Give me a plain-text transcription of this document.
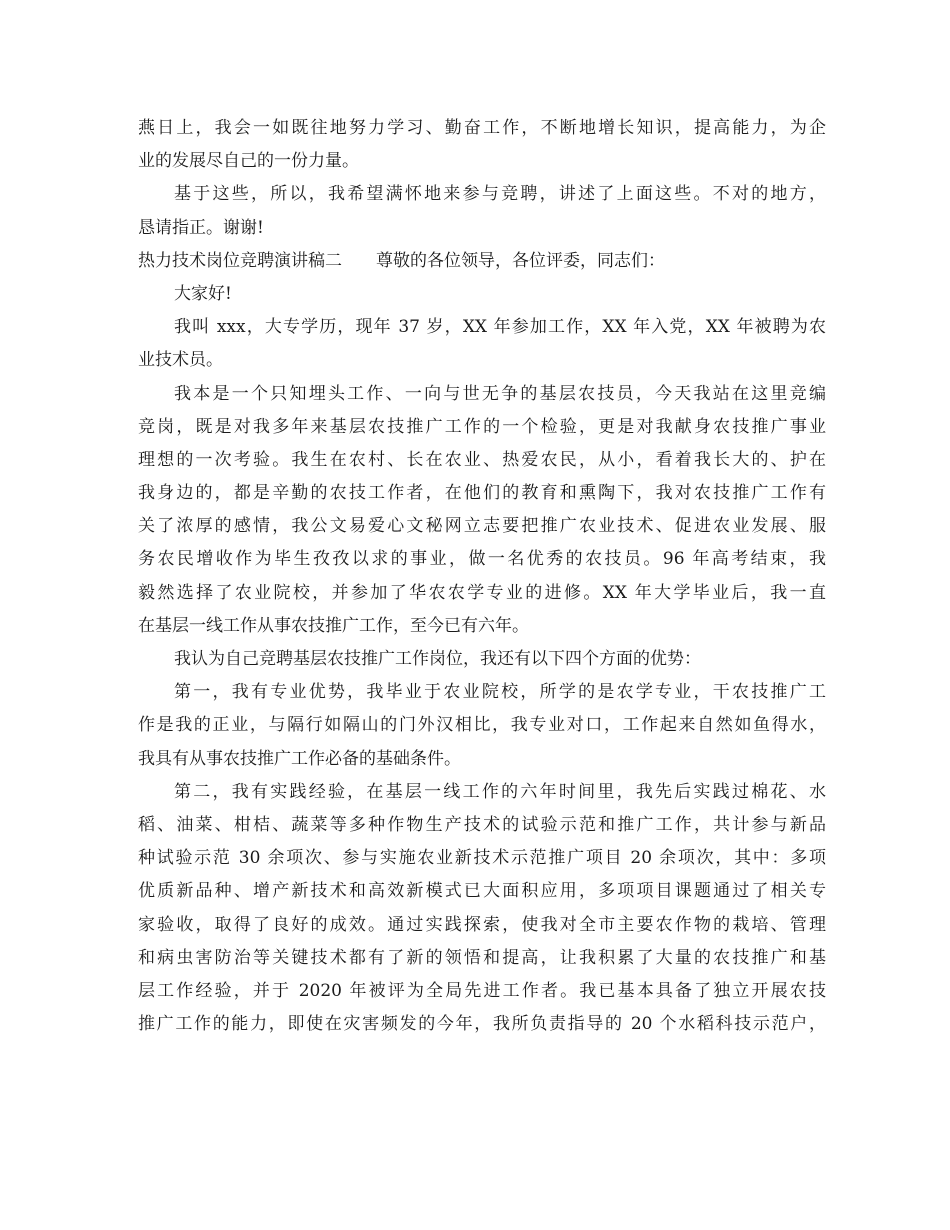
燕日上，我会一如既往地努力学习、勤奋工作，不断地增长知识，提高能力，为企
业的发展尽自己的一份力量。
基于这些，所以，我希望满怀地来参与竞聘，讲述了上面这些。不对的地方，
恳请指正。谢谢!
热力技术岗位竞聘演讲稿二 尊敬的各位领导，各位评委，同志们：
大家好!
我叫 xxx，大专学历，现年 37 岁，XX 年参加工作，XX 年入党，XX 年被聘为农
业技术员。
我本是一个只知埋头工作、一向与世无争的基层农技员，今天我站在这里竞编
竞岗，既是对我多年来基层农技推广工作的一个检验，更是对我献身农技推广事业
理想的一次考验。我生在农村、长在农业、热爱农民，从小，看着我长大的、护在
我身边的，都是辛勤的农技工作者，在他们的教育和熏陶下，我对农技推广工作有
关了浓厚的感情，我公文易爱心文秘网立志要把推广农业技术、促进农业发展、服
务农民增收作为毕生孜孜以求的事业，做一名优秀的农技员。96 年高考结束，我
毅然选择了农业院校，并参加了华农农学专业的进修。XX 年大学毕业后，我一直
在基层一线工作从事农技推广工作，至今已有六年。
我认为自己竞聘基层农技推广工作岗位，我还有以下四个方面的优势：
第一，我有专业优势，我毕业于农业院校，所学的是农学专业，干农技推广工
作是我的正业，与隔行如隔山的门外汉相比，我专业对口，工作起来自然如鱼得水，
我具有从事农技推广工作必备的基础条件。
第二，我有实践经验，在基层一线工作的六年时间里，我先后实践过棉花、水
稻、油菜、柑桔、蔬菜等多种作物生产技术的试验示范和推广工作，共计参与新品
种试验示范 30 余项次、参与实施农业新技术示范推广项目 20 余项次，其中：多项
优质新品种、增产新技术和高效新模式已大面积应用，多项项目课题通过了相关专
家验收，取得了良好的成效。通过实践探索，使我对全市主要农作物的栽培、管理
和病虫害防治等关键技术都有了新的领悟和提高，让我积累了大量的农技推广和基
层工作经验，并于 2020 年被评为全局先进工作者。我已基本具备了独立开展农技
推广工作的能力，即使在灾害频发的今年，我所负责指导的 20 个水稻科技示范户，
